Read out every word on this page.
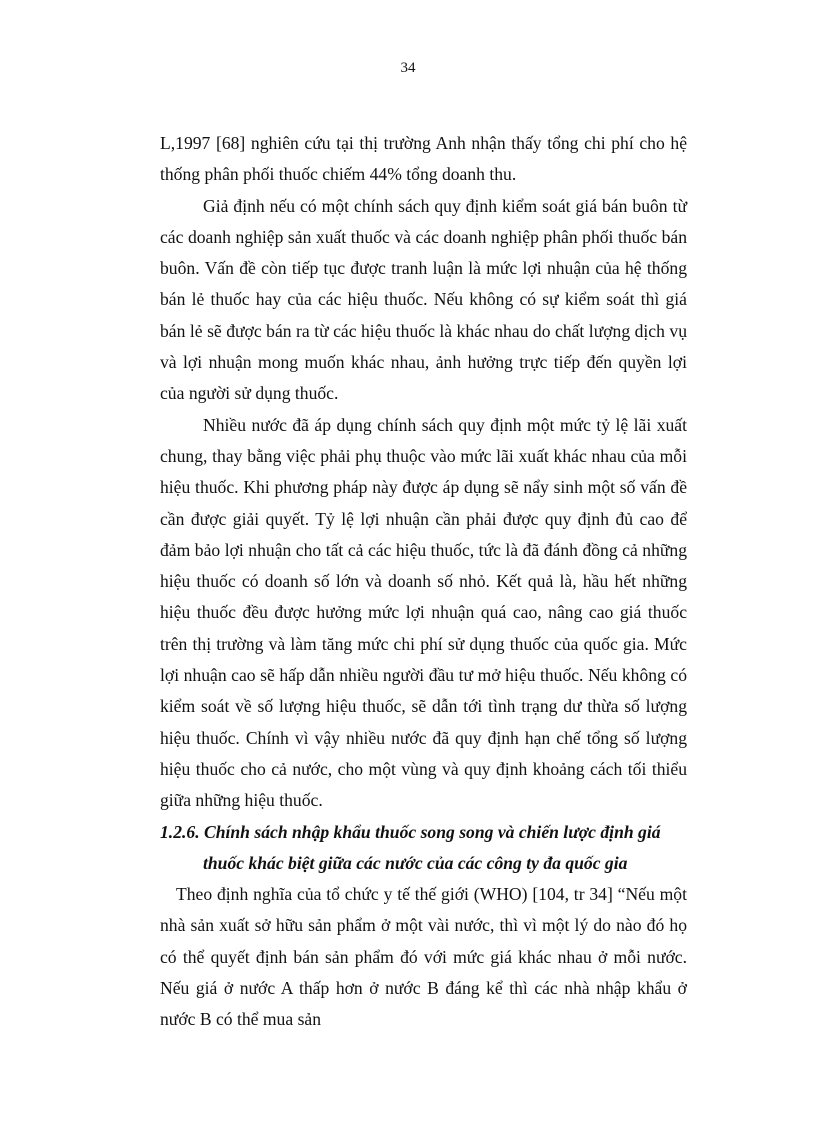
34

L,1997 [68] nghiên cứu tại thị trường Anh nhận thấy tổng chi phí cho hệ thống phân phối thuốc chiếm 44% tổng doanh thu.

Giả định nếu có một chính sách quy định kiểm soát giá bán buôn từ các doanh nghiệp sản xuất thuốc và các doanh nghiệp phân phối thuốc bán buôn. Vấn đề còn tiếp tục được tranh luận là mức lợi nhuận của hệ thống bán lẻ thuốc hay của các hiệu thuốc. Nếu không có sự kiểm soát thì giá bán lẻ sẽ được bán ra từ các hiệu thuốc là khác nhau do chất lượng dịch vụ và lợi nhuận mong muốn khác nhau, ảnh hưởng trực tiếp đến quyền lợi của người sử dụng thuốc.

Nhiều nước đã áp dụng chính sách quy định một mức tỷ lệ lãi xuất chung, thay bằng việc phải phụ thuộc vào mức lãi xuất khác nhau của mỗi hiệu thuốc. Khi phương pháp này được áp dụng sẽ nẩy sinh một số vấn đề cần được giải quyết. Tỷ lệ lợi nhuận cần phải được quy định đủ cao để đảm bảo lợi nhuận cho tất cả các hiệu thuốc, tức là đã đánh đồng cả những hiệu thuốc có doanh số lớn và doanh số nhỏ. Kết quả là, hầu hết những hiệu thuốc đều được hưởng mức lợi nhuận quá cao, nâng cao giá thuốc trên thị trường và làm tăng mức chi phí sử dụng thuốc của quốc gia. Mức lợi nhuận cao sẽ hấp dẫn nhiều người đầu tư mở hiệu thuốc. Nếu không có kiểm soát về số lượng hiệu thuốc, sẽ dẫn tới tình trạng dư thừa số lượng hiệu thuốc. Chính vì vậy nhiều nước đã quy định hạn chế tổng số lượng hiệu thuốc cho cả nước, cho một vùng và quy định khoảng cách tối thiểu giữa những hiệu thuốc.

1.2.6. Chính sách nhập khẩu thuốc song song và chiến lược định giá

thuốc khác biệt giữa các nước của các công ty đa quốc gia

Theo định nghĩa của tổ chức y tế thế giới (WHO) [104, tr 34] “Nếu một nhà sản xuất sở hữu sản phẩm ở một vài nước, thì vì một lý do nào đó họ có thể quyết định bán sản phẩm đó với mức giá khác nhau ở mỗi nước. Nếu giá ở nước A thấp hơn ở nước B đáng kể thì các nhà nhập khẩu ở nước B có thể mua sản
